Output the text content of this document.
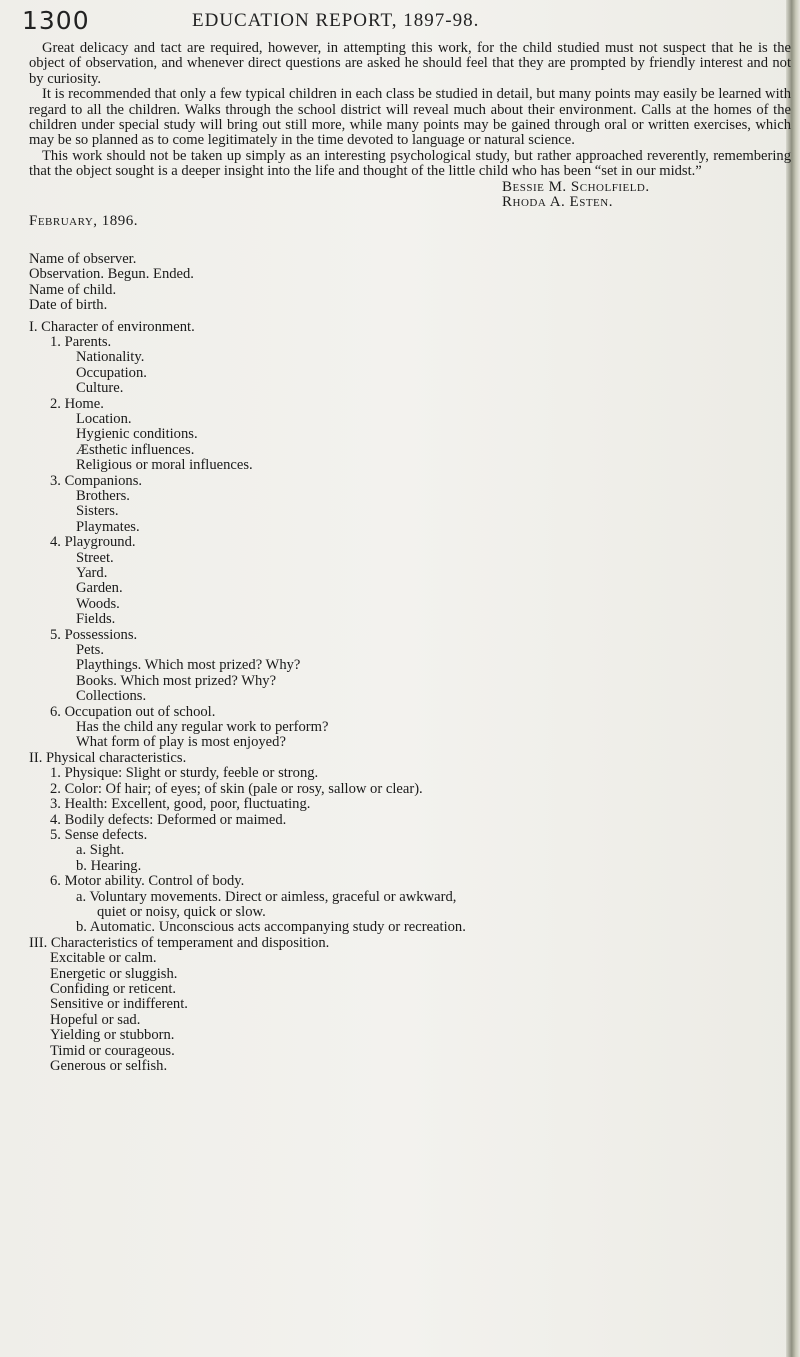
1300	EDUCATION REPORT, 1897-98.

Great delicacy and tact are required, however, in attempting this work, for the child studied must not suspect that he is the object of observation, and whenever direct questions are asked he should feel that they are prompted by friendly interest and not by curiosity.

It is recommended that only a few typical children in each class be studied in detail, but many points may easily be learned with regard to all the children. Walks through the school district will reveal much about their environment. Calls at the homes of the children under special study will bring out still more, while many points may be gained through oral or written exercises, which may be so planned as to come legitimately in the time devoted to language or natural science.

This work should not be taken up simply as an interesting psychological study, but rather approached reverently, remembering that the object sought is a deeper insight into the life and thought of the little child who has been “set in our midst.”

Bessie M. Scholfield.

Rhoda A. Esten.

February, 1896.

Name of observer.

Observation. Begun. Ended.

Name of child.

Date of birth.

I. Character of environment.

1. Parents.

Nationality.

Occupation.

Culture.

2. Home.

Location.

Hygienic conditions.

Æsthetic influences.

Religious or moral influences.

3. Companions.

Brothers.

Sisters.

Playmates.

4. Playground.

Street.

Yard.

Garden.

Woods.

Fields.

5. Possessions.

Pets.

Playthings. Which most prized? Why?

Books. Which most prized? Why?

Collections.

6. Occupation out of school.

Has the child any regular work to perform?

What form of play is most enjoyed?

II. Physical characteristics.

1. Physique: Slight or sturdy, feeble or strong.

2. Color: Of hair; of eyes; of skin (pale or rosy, sallow or clear).

3. Health: Excellent, good, poor, fluctuating.

4. Bodily defects: Deformed or maimed.

5. Sense defects.

a. Sight.

b. Hearing.

6. Motor ability. Control of body.

a. Voluntary movements. Direct or aimless, graceful or awkward,

quiet or noisy, quick or slow.

b. Automatic. Unconscious acts accompanying study or recreation.

III. Characteristics of temperament and disposition.

Excitable or calm.

Energetic or sluggish.

Confiding or reticent.

Sensitive or indifferent.

Hopeful or sad.

Yielding or stubborn.

Timid or courageous.

Generous or selfish.
